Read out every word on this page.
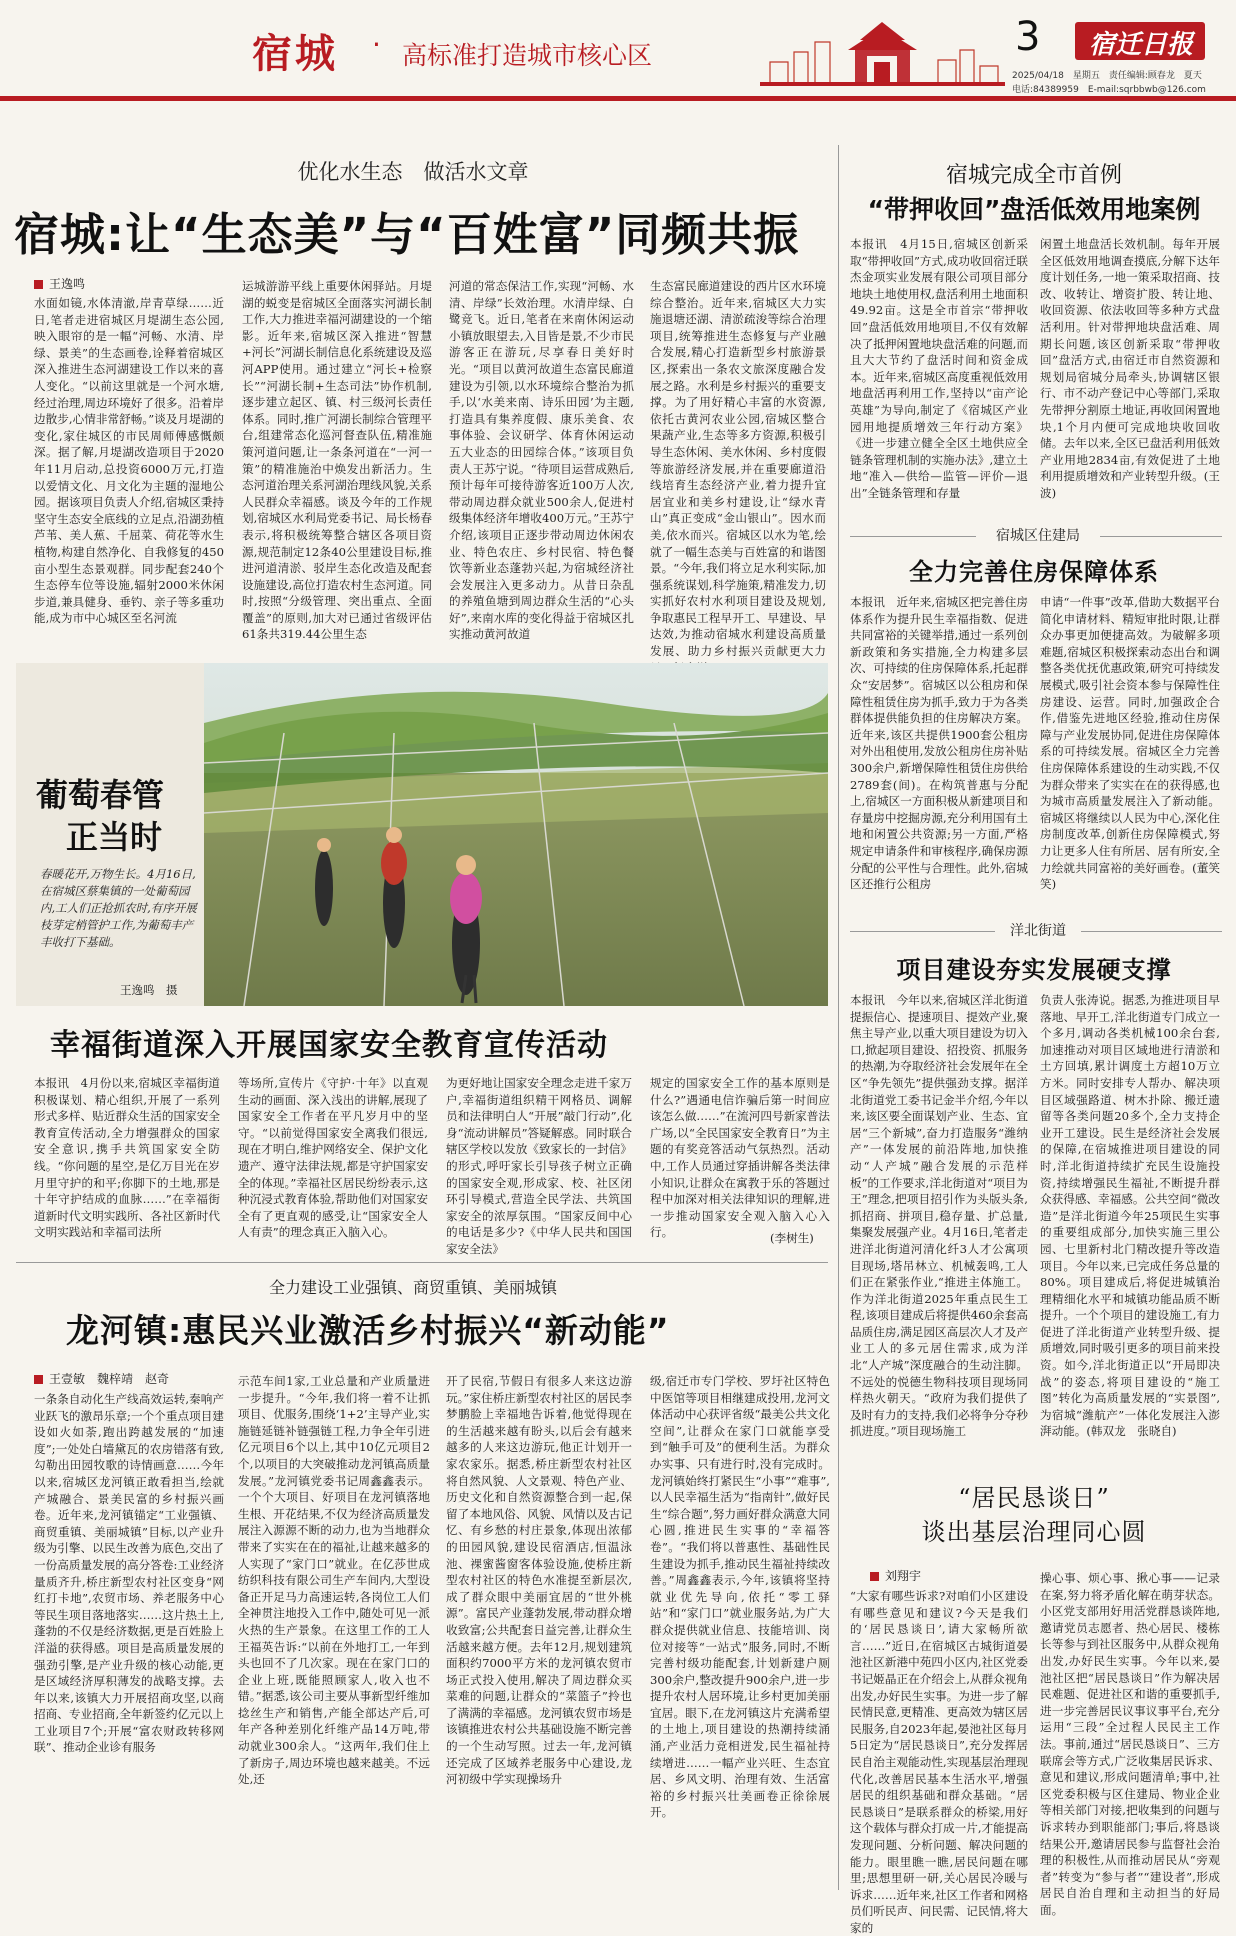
宿城 · 高标准打造城市核心区	3	宿迁日报
2025/04/18　星期五　责任编辑:顾春龙　夏天
电话:84389959　E-mail:sqrbbwb@126.com
优化水生态　做活水文章
宿城:让“生态美”与“百姓富”同频共振
王逸鸣
水面如镜,水体清澈,岸青草绿……近日,笔者走进宿城区月堤湖生态公园,映入眼帘的是一幅“河畅、水清、岸绿、景美”的生态画卷,诠释着宿城区深入推进生态河湖建设工作以来的喜人变化。“以前这里就是一个河水塘,经过治理,周边环境好了很多。沿着岸边散步,心情非常舒畅。”谈及月堤湖的变化,家住城区的市民周师傅感慨颇深。据了解,月堤湖改造项目于2020年11月启动,总投资6000万元,打造以爱情文化、月文化为主题的湿地公园。据该项目负责人介绍,宿城区秉持坚守生态安全底线的立足点,沿湖劲植芦苇、美人蕉、千屈菜、荷花等水生植物,构建自然净化、自我修复的450亩小型生态景观群。同步配套240个生态停车位等设施,辐射2000米休闲步道,兼具健身、垂钓、亲子等多重功能,成为市中心城区至名河流
运城游游平线上重要休闲驿站。月堤湖的蜕变是宿城区全面落实河湖长制工作,大力推进幸福河湖建设的一个缩影。近年来,宿城区深入推进“智慧+河长”河湖长制信息化系统建设及巡河APP使用。通过建立“河长+检察长”“河湖长制+生态司法”协作机制,逐步建立起区、镇、村三级河长责任体系。同时,推广河湖长制综合管理平台,组建常态化巡河督查队伍,精准施策河道问题,让一条条河道在“一河一策”的精准施治中焕发出新活力。生态河道治理关系河湖治理线风貌,关系人民群众幸福感。谈及今年的工作规划,宿城区水利局党委书记、局长杨春表示,将积极统筹整合辖区各项目资源,规范制定12条40公里建设目标,推进河道清淤、驳岸生态化改造及配套设施建设,高位打造农村生态河道。同时,按照“分级管理、突出重点、全面覆盖”的原则,加大对已通过省级评估61条共319.44公里生态
河道的常态保洁工作,实现“河畅、水清、岸绿”长效治理。水清岸绿、白鹭竞飞。近日,笔者在来南休闲运动小镇放眼望去,入目皆是景,不少市民游客正在游玩,尽享春日美好时光。“项目以黄河故道生态富民廊道建设为引领,以水环境综合整治为抓手,以‘水美来南、诗乐田园’为主题,打造具有集养度假、康乐美食、农事体验、会议研学、体育休闲运动五大业态的田园综合体。”该项目负责人王苏宁说。“待项目运营成熟后,预计每年可接待游客近100万人次,带动周边群众就业500余人,促进村级集体经济年增收400万元。”王苏宁介绍,该项目正逐步带动周边休闲农业、特色农庄、乡村民宿、特色餐饮等新业态蓬勃兴起,为宿城经济社会发展注入更多动力。从昔日杂乱的养殖鱼塘到周边群众生活的“心头好”,来南水库的变化得益于宿城区扎实推动黄河故道
生态富民廊道建设的西片区水环境综合整治。近年来,宿城区大力实施退塘还湖、清淤疏浚等综合治理项目,统筹推进生态修复与产业融合发展,精心打造新型乡村旅游景区,探索出一条农文旅深度融合发展之路。水利是乡村振兴的重要支撑。为了用好精心丰富的水资源,依托古黄河农业公园,宿城区整合果蔬产业,生态等多方资源,积极引导生态休闲、美水休闲、乡村度假等旅游经济发展,并在重要廊道沿线培育生态经济产业,着力提升宜居宜业和美乡村建设,让“绿水青山”真正变成“金山银山”。因水而美,依水而兴。宿城区以水为笔,绘就了一幅生态美与百姓富的和谐图景。“今年,我们将立足水利实际,加强系统谋划,科学施策,精准发力,切实抓好农村水利项目建设及规划,争取惠民工程早开工、早建设、早达效,为推动宿城水利建设高质量发展、助力乡村振兴贡献更大力
葡萄春管
正当时
春暖花开,万物生长。4月16日,在宿城区蔡集镇的一处葡萄园内,工人们正抢抓农时,有序开展枝芽定梢管护工作,为葡萄丰产丰收打下基础。
王逸鸣　摄
幸福街道深入开展国家安全教育宣传活动
本报讯　4月份以来,宿城区幸福街道积极谋划、精心组织,开展了一系列形式多样、贴近群众生活的国家安全教育宣传活动,全力增强群众的国家安全意识,携手共筑国家安全防线。“你问题的星空,是亿万目光在岁月里守护的和平;你脚下的土地,那是十年守护结成的血脉……”在幸福街道新时代文明实践所、各社区新时代文明实践站和幸福司法所
等场所,宣传片《守护·十年》以直观生动的画面、深入浅出的讲解,展现了国家安全工作者在平凡岁月中的坚守。“以前觉得国家安全离我们很远,现在才明白,维护网络安全、保护文化遗产、遵守法律法规,都是守护国家安全的体现。”幸福社区居民纷纷表示,这种沉浸式教育体验,帮助他们对国家安全有了更直观的感受,让“国家安全人人有责”的理念真正入脑入心。
为更好地让国家安全理念走进千家万户,幸福街道组织精干网格员、调解员和法律明白人“开展”敲门行动”,化身“流动讲解员”答疑解惑。同时联合辖区学校以发放《致家长的一封信》的形式,呼吁家长引导孩子树立正确的国家安全观,形成家、校、社区闭环引导模式,营造全民学法、共筑国家安全的浓厚氛围。“国家反间中心的电话是多少?《中华人民共和国国家安全法》
规定的国家安全工作的基本原则是什么?”遇通电信诈骗后第一时间应该怎么做……”在流河四号新家普法广场,以“全民国家安全教育日”为主题的有奖竞答活动气氛热烈。活动中,工作人员通过穿插讲解各类法律小知识,让群众在寓教于乐的答题过程中加深对相关法律知识的理解,进一步推动国家安全观入脑入心入行。	(李树生)
全力建设工业强镇、商贸重镇、美丽城镇
龙河镇:惠民兴业激活乡村振兴“新动能”
王壹敏　魏梓靖　赵奇
一条条自动化生产线高效运转,秦响产业跃飞的激昂乐章;一个个重点项目建设如火如荼,跑出跨越发展的“加速度”;一处处白墙黛瓦的农房错落有致,勾勒出田园牧歌的诗情画意……今年以来,宿城区龙河镇正敢看担当,绘就产城融合、景美民富的乡村振兴画卷。近年来,龙河镇锚定“工业强镇、商贸重镇、美丽城镇”目标,以产业升级为引擎、以民生改善为底色,交出了一份高质量发展的高分答卷:工业经济量质齐升,桥庄新型农村社区变身“网红打卡地”,农贸市场、养老服务中心等民生项目落地落实……这片热土上,蓬勃的不仅是经济数据,更是百姓脸上洋溢的获得感。项目是高质量发展的强劲引擎,是产业升级的核心动能,更是区域经济厚积薄发的战略支撑。去年以来,该镇大力开展招商攻坚,以商招商、专业招商,全年新签约亿元以上工业项目7个;开展“富农财政转移网联”、推动企业诊有服务
示范车间1家,工业总量和产业质量进一步提升。“今年,我们将一着不让抓项目、优服务,围绕‘1+2’主导产业,实施链延链补链强链工程,力争全年引进亿元项目6个以上,其中10亿元项目2个,以项目的大突破推动龙河镇高质量发展。”龙河镇党委书记周鑫鑫表示。一个个大项目、好项目在龙河镇落地生根、开花结果,不仅为经济高质量发展注入源源不断的动力,也为当地群众带来了实实在在的福祉,让越来越多的人实现了“家门口”就业。在亿莎世成纺织科技有限公司生产车间内,大型设备正开足马力高速运转,各岗位工人们全神贯注地投入工作中,随处可见一派火热的生产景象。在这里工作的工人王福英告诉:“以前在外地打工,一年到头也回不了几次家。现在在家门口的企业上班,既能照顾家人,收入也不错。”据悉,该公司主要从事新型纤维加捻丝生产和销售,产能全部达产后,可年产各种差别化纤维产品14万吨,带动就业300余人。“这两年,我们住上了新房子,周边环境也越来越美。不远处,还
开了民宿,节假日有很多人来这边游玩。”家住桥庄新型农村社区的居民李梦鹏脸上幸福地告诉着,他觉得现在的生活越来越有盼头,以后会有越来越多的人来这边游玩,他正计划开一家农家乐。据悉,桥庄新型农村社区将自然风貌、人文景观、特色产业、历史文化和自然资源整合到一起,保留了本地风俗、风貌、风情以及古记忆、有乡愁的村庄景象,体现出浓郁的田园风貌,建设民宿酒店,恒温泳池、裸蜜酱窗客体验设施,使桥庄新型农村社区的特色水准提至新层次,成了群众眼中美丽宜居的“世外桃源”。富民产业蓬勃发展,带动群众增收致富;公共配套日益完善,让群众生活越来越方便。去年12月,规划建筑面积约7000平方米的龙河镇农贸市场正式投入使用,解决了周边群众买菜难的问题,让群众的“菜篮子”拎也了满满的幸福感。龙河镇农贸市场是该镇推进农村公共基础设施不断完善的一个生动写照。过去一年,龙河镇还完成了区域养老服务中心建设,龙河初级中学实现操场升
级,宿迁市专门学校、罗圩社区特色中医馆等项目相继建成投用,龙河文体活动中心获评省级“最美公共文化空间”,让群众在家门口就能享受到“触手可及”的便利生活。为群众办实事、只有进行时,没有完成时。龙河镇始终打紧民生“小事”“难事”,以人民幸福生活为“指南针”,做好民生“综合题”,努力画好群众满意大同心圆,推进民生实事的“幸福答卷”。“我们将以普惠性、基础性民生建设为抓手,推动民生福祉持续改善。”周鑫鑫表示,今年,该镇将坚持就业优先导向,依托“零工驿站”和“家门口”就业服务站,为广大群众提供就业信息、技能培训、岗位对接等“一站式”服务,同时,不断完善村级功能配套,计划新建户厕300余户,整改提升900余户,进一步提升农村人居环境,让乡村更加美丽宜居。眼下,在龙河镇这片充满希望的土地上,项目建设的热潮持续涌涌,产业活力竞相迸发,民生福祉持续增进……一幅产业兴旺、生态宜居、乡风文明、治理有效、生活富裕的乡村振兴壮美画卷正徐徐展开。
宿城完成全市首例
“带押收回”盘活低效用地案例
本报讯　4月15日,宿城区创新采取“带押收回”方式,成功收回宿迁联杰金项实业发展有限公司项目部分地块土地使用权,盘活利用土地面积49.92亩。这是全市首宗“带押收回”盘活低效用地项目,不仅有效解决了抵押闲置地块盘活难的问题,而且大大节约了盘活时间和资金成本。近年来,宿城区高度重视低效用地盘活再利用工作,坚持以“亩产论英雄”为导向,制定了《宿城区产业园用地提质增效三年行动方案》《进一步建立健全全区土地供应全链条管理机制的实施办法》,建立土地“准入—供给—监管—评价—退出”全链条管理和存量
闲置土地盘活长效机制。每年开展全区低效用地调查摸底,分解下达年度计划任务,一地一策采取招商、技改、收转让、增资扩股、转让地、收回资源、依法收回等多种方式盘活利用。针对带押地块盘活难、周期长问题,该区创新采取“带押收回”盘活方式,由宿迁市自然资源和规划局宿城分局牵头,协调辖区银行、市不动产登记中心等部门,采取先带押分割原土地证,再收回闲置地块,1个月内便可完成地块收回收储。去年以来,全区已盘活利用低效产业用地2834亩,有效促进了土地利用提质增效和产业转型升级。(王波)
宿城区住建局
全力完善住房保障体系
本报讯　近年来,宿城区把完善住房体系作为提升民生幸福指数、促进共同富裕的关键举措,通过一系列创新政策和务实措施,全力构建多层次、可持续的住房保障体系,托起群众“安居梦”。宿城区以公租房和保障性租赁住房为抓手,致力于为各类群体提供能负担的住房解决方案。近年来,该区共提供1900套公租房对外出租使用,发放公租房住房补贴300余户,新增保障性租赁住房供给2789套(间)。在构筑普惠与分配上,宿城区一方面积极从新建项目和存量房中挖掘房源,充分利用国有土地和闲置公共资源;另一方面,严格规定申请条件和审核程序,确保房源分配的公平性与合理性。此外,宿城区还推行公租房
申请“一件事”改革,借助大数据平台简化申请材料、精短审批时限,让群众办事更加便捷高效。为破解多项难题,宿城区积极探索动态出台和调整各类优抚优惠政策,研究可持续发展模式,吸引社会资本参与保障性住房建设、运营。同时,加强政企合作,借鉴先进地区经验,推动住房保障与产业发展协同,促进住房保障体系的可持续发展。宿城区全力完善住房保障体系建设的生动实践,不仅为群众带来了实实在在的获得感,也为城市高质量发展注入了新动能。宿城区将继续以人民为中心,深化住房制度改革,创新住房保障模式,努力让更多人住有所居、居有所安,全力绘就共同富裕的美好画卷。(董笑笑)
洋北街道
项目建设夯实发展硬支撑
本报讯　今年以来,宿城区洋北街道提振信心、提速项目、提效产业,聚焦主导产业,以重大项目建设为切入口,掀起项目建设、招投资、抓服务的热潮,为夺取经济社会发展年在全区“争先领先”提供强劲支撑。据洋北街道党工委书记金半介绍,今年以来,该区要全面谋划产业、生态、宜居“三个新城”,奋力打造服务“潍纳产”一体发展的前沿阵地,加快推动“人产城”融合发展的示范样板”的工作要求,洋北街道对“项目为王”理念,把项目招引作为头版头条,抓招商、拼项目,稳存量、扩总量,集聚发展强产业。4月16日,笔者走进洋北街道河清化纤3人才公寓项目现场,塔吊林立、机械轰鸣,工人们正在紧张作业,“推进主体施工。作为洋北街道2025年重点民生工程,该项目建成后将提供460余套高品质住房,满足园区高层次人才及产业工人的多元居住需求,成为洋北“人产城”深度融合的生动注脚。不远处的悦德生物科技项目现场同样热火朝天。“政府为我们提供了及时有力的支持,我们必将争分夺秒抓进度。”项目现场施工
负责人张涛说。据悉,为推进项目早落地、早开工,洋北街道专门成立一个多月,调动各类机械100余台套,加速推动对项目区域地进行清淤和土方回填,累计调度土方超10万立方米。同时安排专人帮办、解决项目区域强路道、树木扑除、搬迁遗留等各类问题20多个,全力支持企业开工建设。民生是经济社会发展的保障,在宿城推进项目建设的同时,洋北街道持续扩充民生设施投资,持续增强民生福祉,不断提升群众获得感、幸福感。公共空间“微改造”是洋北街道今年25项民生实事的重要组成部分,加快实施三里公园、七里新村北门精改提升等改造项目。今年以来,已完成任务总量的80%。项目建成后,将促进城镇治理精细化水平和城镇功能品质不断提升。一个个项目的建设施工,有力促进了洋北街道产业转型升级、提质增效,同时吸引更多的项目前来投资。如今,洋北街道正以“开局即决战”的姿态,将项目建设的“施工图”转化为高质量发展的“实景图”,为宿城“潍航产”一体化发展注入澎湃动能。(韩双龙　张晓自)
“居民恳谈日”
谈出基层治理同心圆
刘翔宇
“大家有哪些诉求?对咱们小区建设有哪些意见和建议?今天是我们的‘居民恳谈日’,请大家畅所欲言……”近日,在宿城区古城街道晏池社区新港中苑四小区内,社区党委书记姬晶正在介绍会上,从群众视角出发,办好民生实事。为进一步了解民情民意,更精准、更高效为辖区居民服务,自2023年起,晏池社区每月5日定为“居民恳谈日”,充分发挥居民自治主观能动性,实现基层治理现代化,改善居民基本生活水平,增强居民的组织基础和群众基础。“居民恳谈日”是联系群众的桥梁,用好这个载体与群众打成一片,才能提高发现问题、分析问题、解决问题的能力。眼里瞧一瞧,居民问题在哪里;思想里研一研,关心居民冷暖与诉求……近年来,社区工作者和网格员们听民声、问民需、记民情,将大家的
操心事、烦心事、揪心事——记录在案,努力将矛盾化解在萌芽状态。小区党支部用好用活党群恳谈阵地,邀请党员志愿者、热心居民、楼栋长等参与到社区服务中,从群众视角出发,办好民生实事。今年以来,晏池社区把“居民恳谈日”作为解决居民难题、促进社区和谐的重要抓手,进一步完善居民议事议事平台,充分运用“三段”全过程人民民主工作法。事前,通过“居民恳谈日”、三方联席会等方式,广泛收集居民诉求、意见和建议,形成问题清单;事中,社区党委积极与区住建局、物业企业等相关部门对接,把收集到的问题与诉求转办到职能部门;事后,将恳谈结果公开,邀请居民参与监督社会治理的积极性,从而推动居民从“旁观者”转变为“参与者”“建设者”,形成居民自治自理和主动担当的好局面。
